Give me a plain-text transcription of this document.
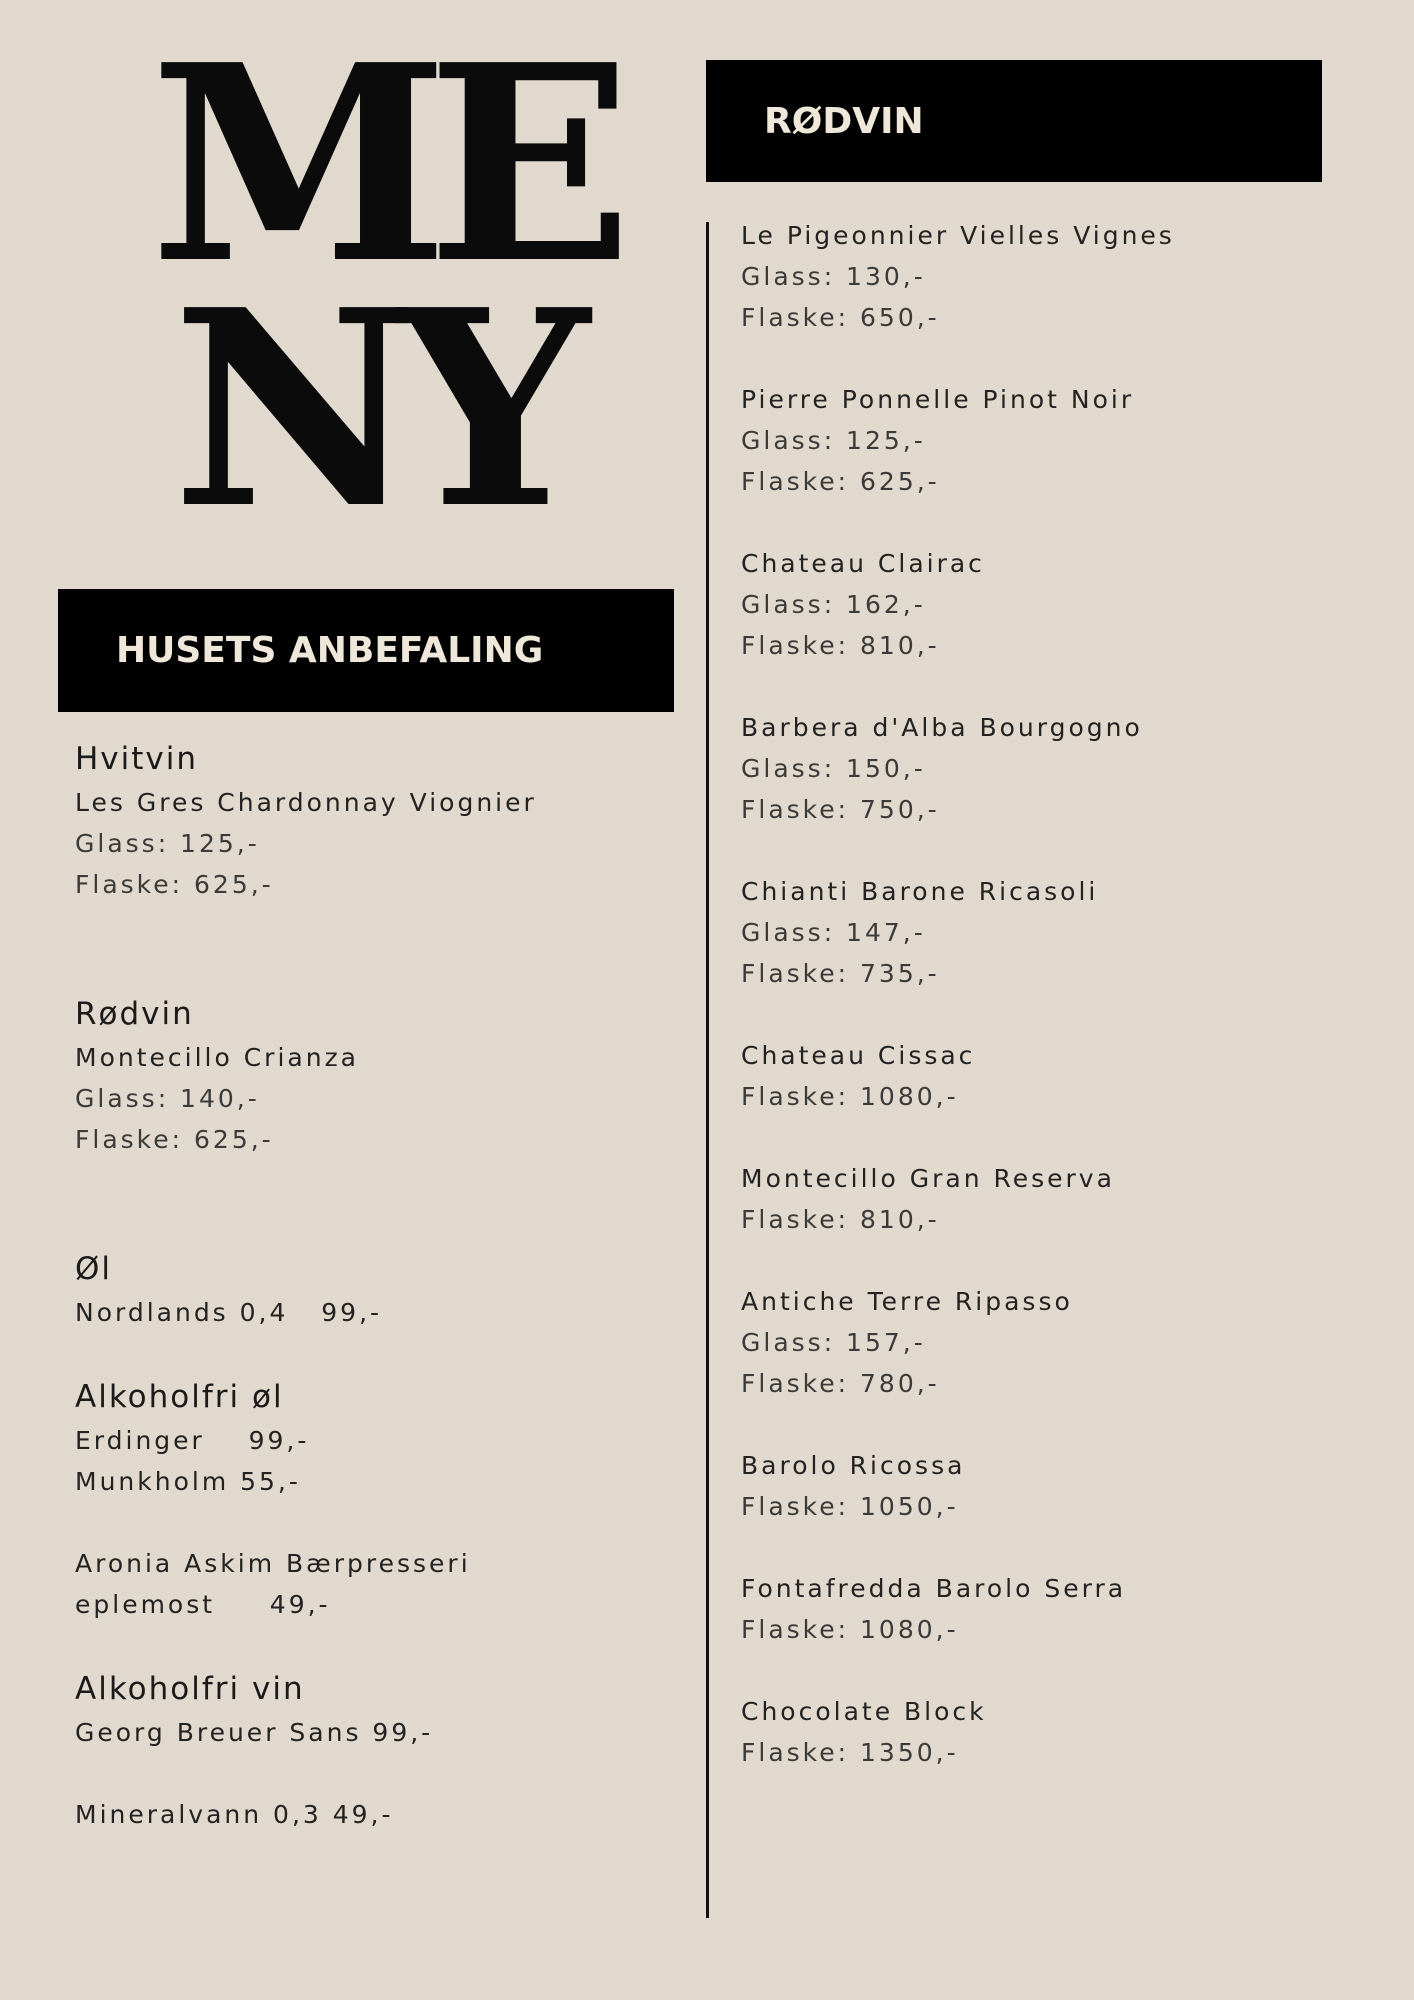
ME
NY
HUSETS ANBEFALING
Hvitvin
Les Gres Chardonnay Viognier
Glass: 125,-
Flaske: 625,-
Rødvin
Montecillo Crianza
Glass: 140,-
Flaske: 625,-
Øl
Nordlands 0,4   99,-
Alkoholfri øl
Erdinger    99,-
Munkholm 55,-
Aronia Askim Bærpresseri
eplemost     49,-
Alkoholfri vin
Georg Breuer Sans 99,-
Mineralvann 0,3 49,-
RØDVIN
Le Pigeonnier Vielles Vignes
Glass: 130,-
Flaske: 650,-
Pierre Ponnelle Pinot Noir
Glass: 125,-
Flaske: 625,-
Chateau Clairac
Glass: 162,-
Flaske: 810,-
Barbera d'Alba Bourgogno
Glass: 150,-
Flaske: 750,-
Chianti Barone Ricasoli
Glass: 147,-
Flaske: 735,-
Chateau Cissac
Flaske: 1080,-
Montecillo Gran Reserva
Flaske: 810,-
Antiche Terre Ripasso
Glass: 157,-
Flaske: 780,-
Barolo Ricossa
Flaske: 1050,-
Fontafredda Barolo Serra
Flaske: 1080,-
Chocolate Block
Flaske: 1350,-
